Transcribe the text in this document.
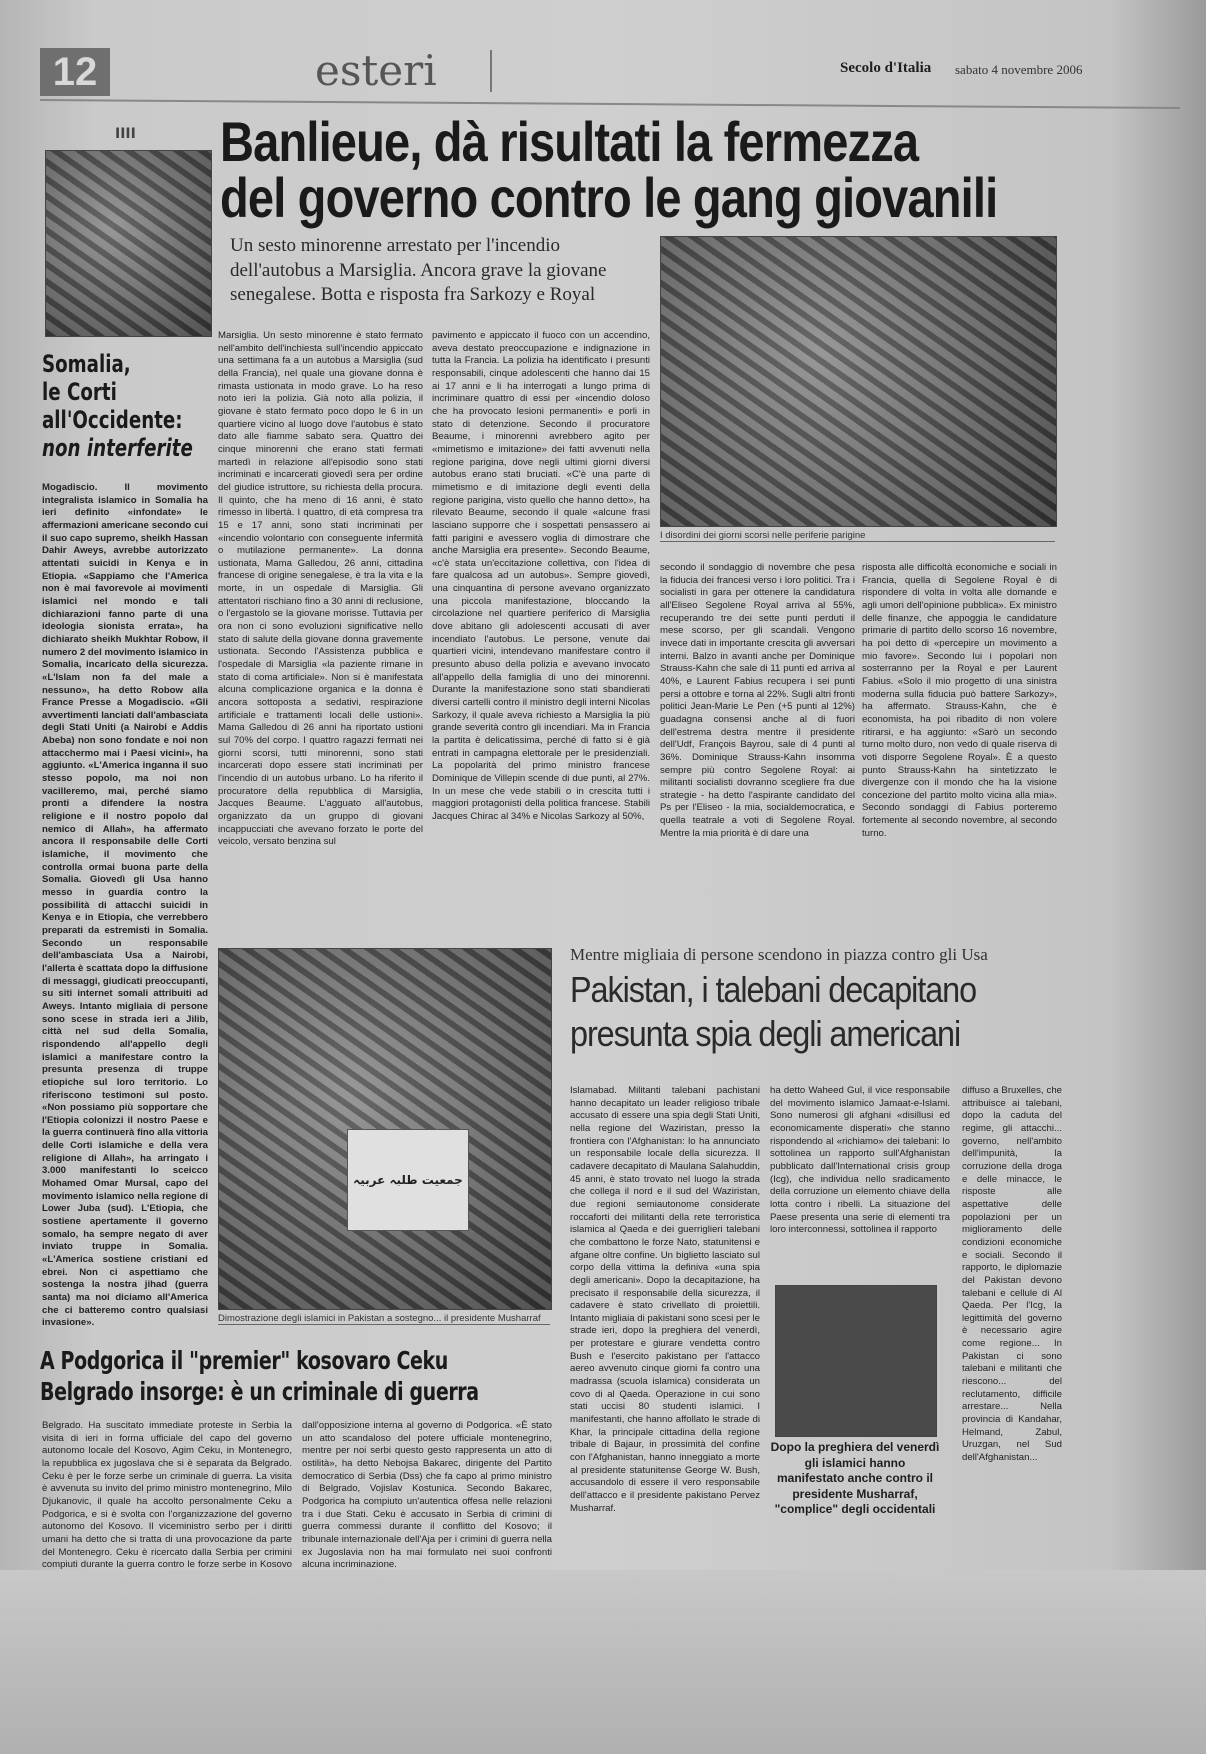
12	esteri	Secolo d'Italia sabato 4 novembre 2006
IIII
Somalia,
le Corti
all'Occidente:
non interferite
Mogadiscio. Il movimento integralista islamico in Somalia ha ieri definito «infondate» le affermazioni americane secondo cui il suo capo supremo, sheikh Hassan Dahir Aweys, avrebbe autorizzato attentati suicidi in Kenya e in Etiopia. «Sappiamo che l'America non è mai favorevole ai movimenti islamici nel mondo e tali dichiarazioni fanno parte di una ideologia sionista errata», ha dichiarato sheikh Mukhtar Robow, il numero 2 del movimento islamico in Somalia, incaricato della sicurezza. «L'Islam non fa del male a nessuno», ha detto Robow alla France Presse a Mogadiscio. «Gli avvertimenti lanciati dall'ambasciata degli Stati Uniti (a Nairobi e Addis Abeba) non sono fondate e noi non attacchermo mai i Paesi vicini», ha aggiunto. «L'America inganna il suo stesso popolo, ma noi non vacilleremo, mai, perché siamo pronti a difendere la nostra religione e il nostro popolo dal nemico di Allah», ha affermato ancora il responsabile delle Corti islamiche, il movimento che controlla ormai buona parte della Somalia. Giovedì gli Usa hanno messo in guardia contro la possibilità di attacchi suicidi in Kenya e in Etiopia, che verrebbero preparati da estremisti in Somalia. Secondo un responsabile dell'ambasciata Usa a Nairobi, l'allerta è scattata dopo la diffusione di messaggi, giudicati preoccupanti, su siti internet somali attribuiti ad Aweys. Intanto migliaia di persone sono scese in strada ieri a Jilib, città nel sud della Somalia, rispondendo all'appello degli islamici a manifestare contro la presunta presenza di truppe etiopiche sul loro territorio. Lo riferiscono testimoni sul posto. «Non possiamo più sopportare che l'Etiopia colonizzi il nostro Paese e la guerra continuerà fino alla vittoria delle Corti islamiche e della vera religione di Allah», ha arringato i 3.000 manifestanti lo sceicco Mohamed Omar Mursal, capo del movimento islamico nella regione di Lower Juba (sud). L'Etiopia, che sostiene apertamente il governo somalo, ha sempre negato di aver inviato truppe in Somalia. «L'America sostiene cristiani ed ebrei. Non ci aspettiamo che sostenga la nostra jihad (guerra santa) ma noi diciamo all'America che ci batteremo contro qualsiasi invasione».
Banlieue, dà risultati la fermezza
del governo contro le gang giovanili
Un sesto minorenne arrestato per l'incendio dell'autobus a Marsiglia. Ancora grave la giovane senegalese. Botta e risposta fra Sarkozy e Royal
I disordini dei giorni scorsi nelle periferie parigine
Marsiglia. Un sesto minorenne è stato fermato nell'ambito dell'inchiesta sull'incendio appiccato una settimana fa a un autobus a Marsiglia (sud della Francia), nel quale una giovane donna è rimasta ustionata in modo grave. Lo ha reso noto ieri la polizia. Già noto alla polizia, il giovane è stato fermato poco dopo le 6 in un quartiere vicino al luogo dove l'autobus è stato dato alle fiamme sabato sera. Quattro dei cinque minorenni che erano stati fermati martedì in relazione all'episodio sono stati incriminati e incarcerati giovedì sera per ordine del giudice istruttore, su richiesta della procura. Il quinto, che ha meno di 16 anni, è stato rimesso in libertà. I quattro, di età compresa tra 15 e 17 anni, sono stati incriminati per «incendio volontario con conseguente infermità o mutilazione permanente». La donna ustionata, Mama Galledou, 26 anni, cittadina francese di origine senegalese, è tra la vita e la morte, in un ospedale di Marsiglia. Gli attentatori rischiano fino a 30 anni di reclusione, o l'ergastolo se la giovane morisse. Tuttavia per ora non ci sono evoluzioni significative nello stato di salute della giovane donna gravemente ustionata. Secondo l'Assistenza pubblica e l'ospedale di Marsiglia «la paziente rimane in stato di coma artificiale». Non si è manifestata alcuna complicazione organica e la donna è ancora sottoposta a sedativi, respirazione artificiale e trattamenti locali delle ustioni». Mama Galledou di 26 anni ha riportato ustioni sul 70% del corpo. I quattro ragazzi fermati nei giorni scorsi, tutti minorenni, sono stati incarcerati dopo essere stati incriminati per l'incendio di un autobus urbano. Lo ha riferito il procuratore della repubblica di Marsiglia, Jacques Beaume. L'agguato all'autobus, organizzato da un gruppo di giovani incappucciati che avevano forzato le porte del veicolo, versato benzina sul
pavimento e appiccato il fuoco con un accendino, aveva destato preoccupazione e indignazione in tutta la Francia. La polizia ha identificato i presunti responsabili, cinque adolescenti che hanno dai 15 ai 17 anni e li ha interrogati a lungo prima di incriminare quattro di essi per «incendio doloso che ha provocato lesioni permanenti» e porli in stato di detenzione. Secondo il procuratore Beaume, i minorenni avrebbero agito per «mimetismo e imitazione» dei fatti avvenuti nella regione parigina, dove negli ultimi giorni diversi autobus erano stati bruciati. «C'è una parte di mimetismo e di imitazione degli eventi della regione parigina, visto quello che hanno detto», ha rilevato Beaume, secondo il quale «alcune frasi lasciano supporre che i sospettati pensassero ai fatti parigini e avessero voglia di dimostrare che anche Marsiglia era presente». Secondo Beaume, «c'è stata un'eccitazione collettiva, con l'idea di fare qualcosa ad un autobus». Sempre giovedì, una cinquantina di persone avevano organizzato una piccola manifestazione, bloccando la circolazione nel quartiere periferico di Marsiglia dove abitano gli adolescenti accusati di aver incendiato l'autobus. Le persone, venute dai quartieri vicini, intendevano manifestare contro il presunto abuso della polizia e avevano invocato all'appello della famiglia di uno dei minorenni. Durante la manifestazione sono stati sbandierati diversi cartelli contro il ministro degli interni Nicolas Sarkozy, il quale aveva richiesto a Marsiglia la più grande severità contro gli incendiari. Ma in Francia la partita è delicatissima, perché di fatto si è già entrati in campagna elettorale per le presidenziali. La popolarità del primo ministro francese Dominique de Villepin scende di due punti, al 27%. In un mese che vede stabili o in crescita tutti i maggiori protagonisti della politica francese. Stabili Jacques Chirac al 34% e Nicolas Sarkozy al 50%,
secondo il sondaggio di novembre che pesa la fiducia dei francesi verso i loro politici. Tra i socialisti in gara per ottenere la candidatura all'Eliseo Segolene Royal arriva al 55%, recuperando tre dei sette punti perduti il mese scorso, per gli scandali. Vengono invece dati in importante crescita gli avversari interni. Balzo in avanti anche per Dominique Strauss-Kahn che sale di 11 punti ed arriva al 40%, e Laurent Fabius recupera i sei punti persi a ottobre e torna al 22%. Sugli altri fronti politici Jean-Marie Le Pen (+5 punti al 12%) guadagna consensi anche al di fuori dell'estrema destra mentre il presidente dell'Udf, François Bayrou, sale di 4 punti al 36%. Dominique Strauss-Kahn insomma sempre più contro Segolene Royal: ai militanti socialisti dovranno scegliere fra due strategie - ha detto l'aspirante candidato del Ps per l'Eliseo - la mia, socialdemocratica, e quella teatrale a voti di Segolene Royal. Mentre la mia priorità è di dare una
risposta alle difficoltà economiche e sociali in Francia, quella di Segolene Royal è di rispondere di volta in volta alle domande e agli umori dell'opinione pubblica». Ex ministro delle finanze, che appoggia le candidature primarie di partito dello scorso 16 novembre, ha poi detto di «percepire un movimento a mio favore». Secondo lui i popolari non sosterranno per la Royal e per Laurent Fabius. «Solo il mio progetto di una sinistra moderna sulla fiducia può battere Sarkozy», ha affermato. Strauss-Kahn, che è economista, ha poi ribadito di non volere ritirarsi, e ha aggiunto: «Sarò un secondo turno molto duro, non vedo di quale riserva di voti disporre Segolene Royal». È a questo punto Strauss-Kahn ha sintetizzato le divergenze con il mondo che ha la visione concezione del partito molto vicina alla mia». Secondo sondaggi di Fabius porteremo fortemente al secondo novembre, al secondo turno.
جمعیت طلبہ عربیہ
Dimostrazione degli islamici in Pakistan a sostegno... il presidente Musharraf
Mentre migliaia di persone scendono in piazza contro gli Usa
Pakistan, i talebani decapitano
presunta spia degli americani
Islamabad. Militanti talebani pachistani hanno decapitato un leader religioso tribale accusato di essere una spia degli Stati Uniti, nella regione del Waziristan, presso la frontiera con l'Afghanistan: lo ha annunciato un responsabile locale della sicurezza. Il cadavere decapitato di Maulana Salahuddin, 45 anni, è stato trovato nel luogo la strada che collega il nord e il sud del Waziristan, due regioni semiautonome considerate roccaforti dei militanti della rete terroristica islamica al Qaeda e dei guerriglieri talebani che combattono le forze Nato, statunitensi e afgane oltre confine. Un biglietto lasciato sul corpo della vittima la definiva «una spia degli americani». Dopo la decapitazione, ha precisato il responsabile della sicurezza, il cadavere è stato crivellato di proiettili. Intanto migliaia di pakistani sono scesi per le strade ieri, dopo la preghiera del venerdì, per protestare e giurare vendetta contro Bush e l'esercito pakistano per l'attacco aereo avvenuto cinque giorni fa contro una madrassa (scuola islamica) considerata un covo di al Qaeda. Operazione in cui sono stati uccisi 80 studenti islamici. I manifestanti, che hanno affollato le strade di Khar, la principale cittadina della regione tribale di Bajaur, in prossimità del confine con l'Afghanistan, hanno inneggiato a morte al presidente statunitense George W. Bush, accusandolo di essere il vero responsabile dell'attacco e il presidente pakistano Pervez Musharraf.
ha detto Waheed Gul, il vice responsabile del movimento islamico Jamaat-e-Islami. Sono numerosi gli afghani «disillusi ed economicamente disperati» che stanno rispondendo al «richiamo» dei talebani: lo sottolinea un rapporto sull'Afghanistan pubblicato dall'International crisis group (Icg), che individua nello sradicamento della corruzione un elemento chiave della lotta contro i ribelli. La situazione del Paese presenta una serie di elementi tra loro interconnessi, sottolinea il rapporto
diffuso a Bruxelles, che attribuisce ai talebani, dopo la caduta del regime, gli attacchi... governo, nell'ambito dell'impunità, la corruzione della droga e delle minacce, le risposte alle aspettative delle popolazioni per un miglioramento delle condizioni economiche e sociali. Secondo il rapporto, le diplomazie del Pakistan devono talebani e cellule di Al Qaeda. Per l'Icg, la legittimità del governo è necessario agire come regione... In Pakistan ci sono talebani e militanti che riescono... del reclutamento, difficile arrestare... Nella provincia di Kandahar, Helmand, Zabul, Uruzgan, nel Sud dell'Afghanistan...
Dopo la preghiera del venerdì gli islamici hanno manifestato anche contro il presidente Musharraf, "complice" degli occidentali
A Podgorica il "premier" kosovaro Ceku
Belgrado insorge: è un criminale di guerra
Belgrado. Ha suscitato immediate proteste in Serbia la visita di ieri in forma ufficiale del capo del governo autonomo locale del Kosovo, Agim Ceku, in Montenegro, la repubblica ex jugoslava che si è separata da Belgrado. Ceku è per le forze serbe un criminale di guerra. La visita è avvenuta su invito del primo ministro montenegrino, Milo Djukanovic, il quale ha accolto personalmente Ceku a Podgorica, e si è svolta con l'organizzazione del governo autonomo del Kosovo. Il viceministro serbo per i diritti umani ha detto che si tratta di una provocazione da parte del Montenegro. Ceku è ricercato dalla Serbia per crimini compiuti durante la guerra contro le forze serbe in Kosovo
dall'opposizione interna al governo di Podgorica. «È stato un atto scandaloso del potere ufficiale montenegrino, mentre per noi serbi questo gesto rappresenta un atto di ostilità», ha detto Nebojsa Bakarec, dirigente del Partito democratico di Serbia (Dss) che fa capo al primo ministro di Belgrado, Vojislav Kostunica. Secondo Bakarec, Podgorica ha compiuto un'autentica offesa nelle relazioni tra i due Stati. Ceku è accusato in Serbia di crimini di guerra commessi durante il conflitto del Kosovo; il tribunale internazionale dell'Aja per i crimini di guerra nella ex Jugoslavia non ha mai formulato nei suoi confronti alcuna incriminazione.
